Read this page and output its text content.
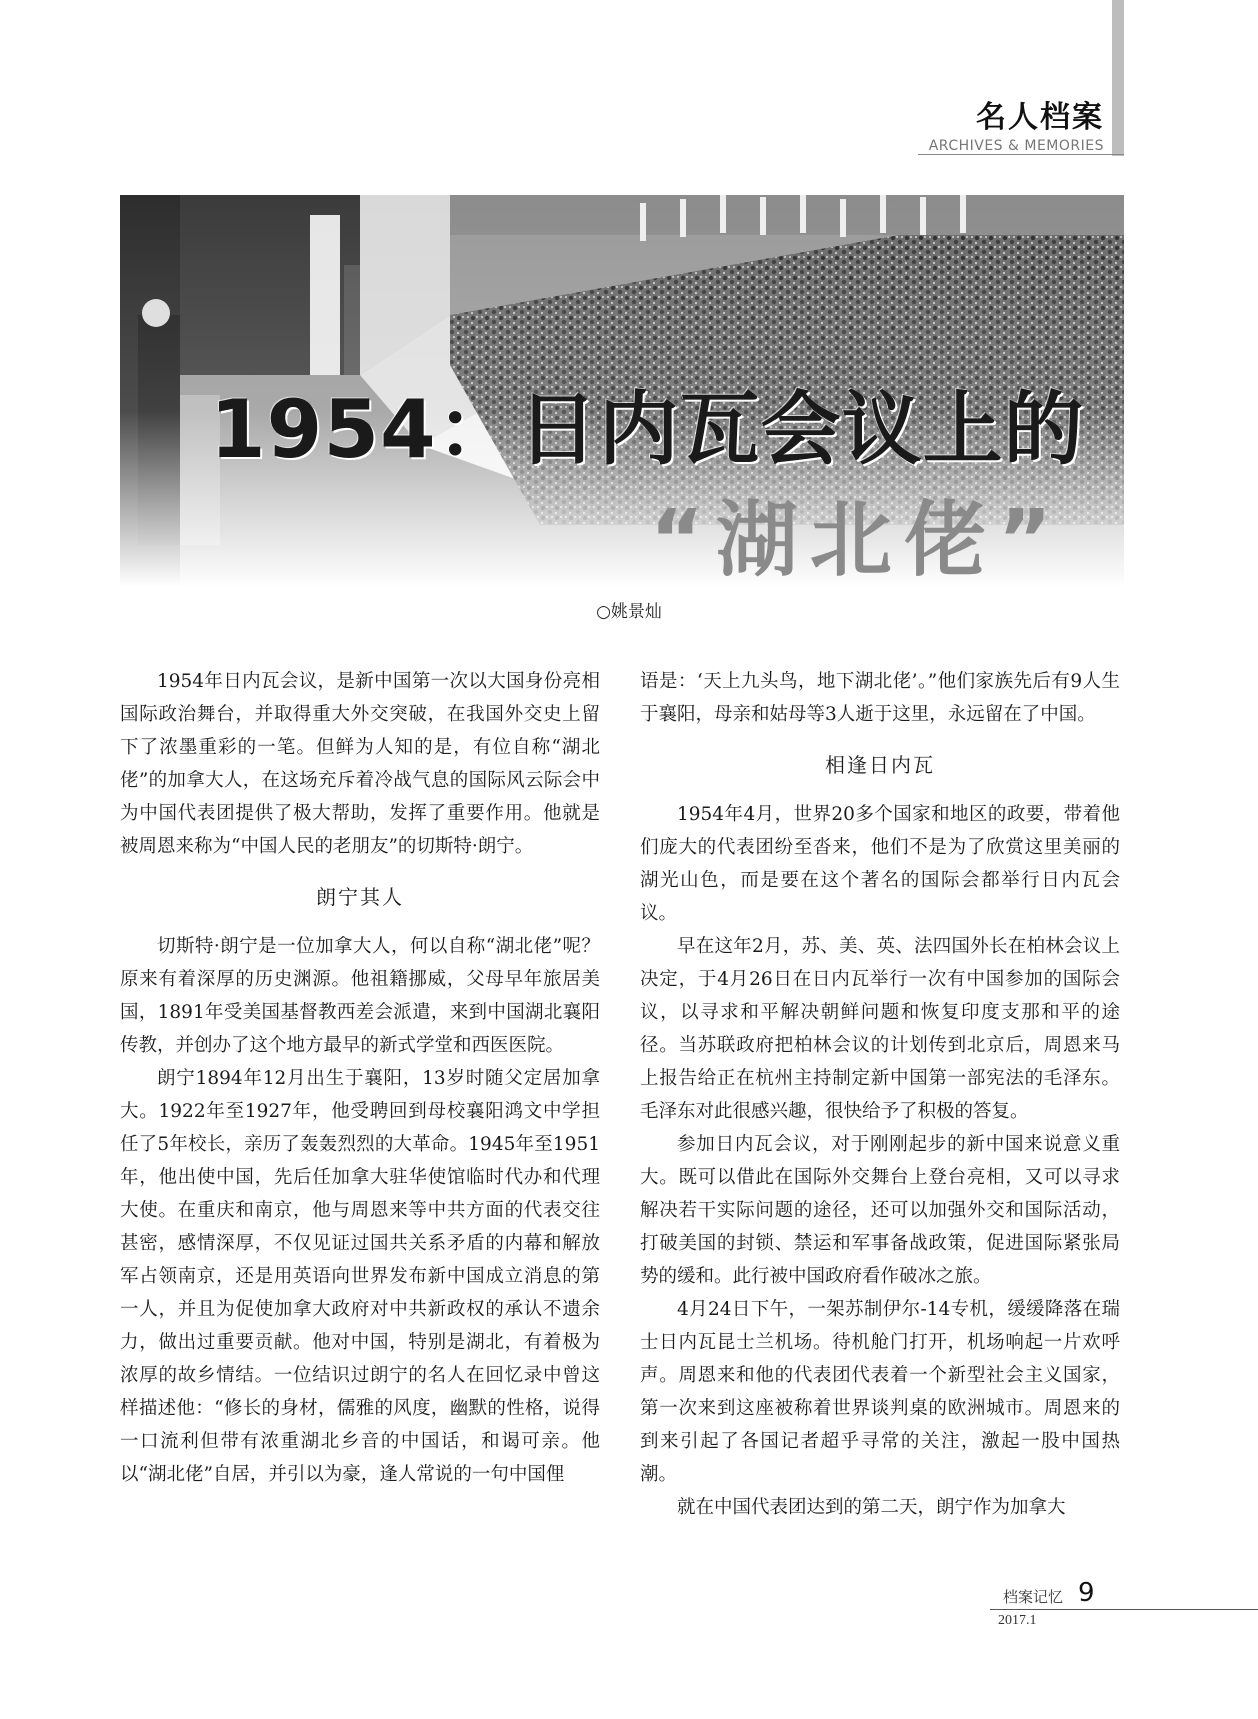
名人档案
ARCHIVES & MEMORIES
1954：日内瓦会议上的
“湖北佬”
○姚景灿

1954年日内瓦会议，是新中国第一次以大国身份亮相国际政治舞台，并取得重大外交突破，在我国外交史上留下了浓墨重彩的一笔。但鲜为人知的是，有位自称“湖北佬”的加拿大人，在这场充斥着冷战气息的国际风云际会中为中国代表团提供了极大帮助，发挥了重要作用。他就是被周恩来称为“中国人民的老朋友”的切斯特·朗宁。

朗宁其人

切斯特·朗宁是一位加拿大人，何以自称“湖北佬”呢？原来有着深厚的历史渊源。他祖籍挪威，父母早年旅居美国，1891年受美国基督教西差会派遣，来到中国湖北襄阳传教，并创办了这个地方最早的新式学堂和西医医院。

朗宁1894年12月出生于襄阳，13岁时随父定居加拿大。1922年至1927年，他受聘回到母校襄阳鸿文中学担任了5年校长，亲历了轰轰烈烈的大革命。1945年至1951年，他出使中国，先后任加拿大驻华使馆临时代办和代理大使。在重庆和南京，他与周恩来等中共方面的代表交往甚密，感情深厚，不仅见证过国共关系矛盾的内幕和解放军占领南京，还是用英语向世界发布新中国成立消息的第一人，并且为促使加拿大政府对中共新政权的承认不遗余力，做出过重要贡献。他对中国，特别是湖北，有着极为浓厚的故乡情结。一位结识过朗宁的名人在回忆录中曾这样描述他：“修长的身材，儒雅的风度，幽默的性格，说得一口流利但带有浓重湖北乡音的中国话，和谒可亲。他以“湖北佬”自居，并引以为豪，逢人常说的一句中国俚

语是：‘天上九头鸟，地下湖北佬’。”他们家族先后有9人生于襄阳，母亲和姑母等3人逝于这里，永远留在了中国。

相逢日内瓦

1954年4月，世界20多个国家和地区的政要，带着他们庞大的代表团纷至沓来，他们不是为了欣赏这里美丽的湖光山色，而是要在这个著名的国际会都举行日内瓦会议。

早在这年2月，苏、美、英、法四国外长在柏林会议上决定，于4月26日在日内瓦举行一次有中国参加的国际会议，以寻求和平解决朝鲜问题和恢复印度支那和平的途径。当苏联政府把柏林会议的计划传到北京后，周恩来马上报告给正在杭州主持制定新中国第一部宪法的毛泽东。毛泽东对此很感兴趣，很快给予了积极的答复。

参加日内瓦会议，对于刚刚起步的新中国来说意义重大。既可以借此在国际外交舞台上登台亮相，又可以寻求解决若干实际问题的途径，还可以加强外交和国际活动，打破美国的封锁、禁运和军事备战政策，促进国际紧张局势的缓和。此行被中国政府看作破冰之旅。

4月24日下午，一架苏制伊尔-14专机，缓缓降落在瑞士日内瓦昆士兰机场。待机舱门打开，机场响起一片欢呼声。周恩来和他的代表团代表着一个新型社会主义国家，第一次来到这座被称着世界谈判桌的欧洲城市。周恩来的到来引起了各国记者超乎寻常的关注，激起一股中国热潮。

就在中国代表团达到的第二天，朗宁作为加拿大

档案记忆 9
2017.1
